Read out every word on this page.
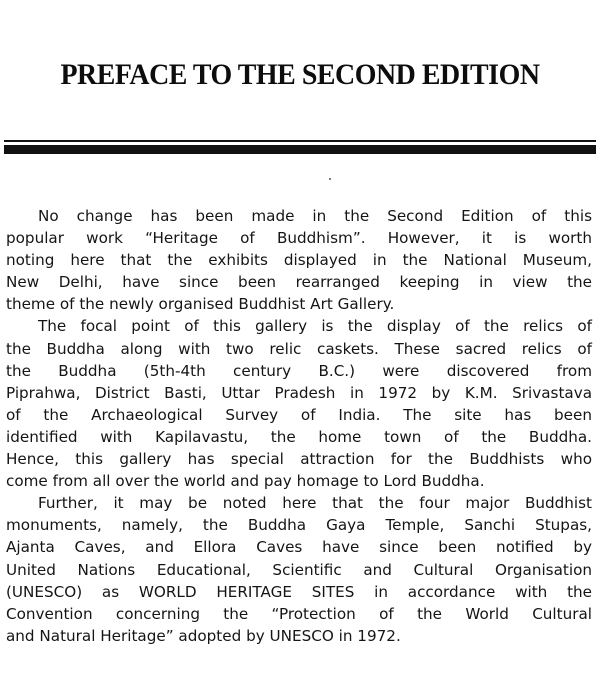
PREFACE TO THE SECOND EDITION
No change has been made in the Second Edition of this
popular work “Heritage of Buddhism”. However, it is worth
noting here that the exhibits displayed in the National Museum,
New Delhi, have since been rearranged keeping in view the
theme of the newly organised Buddhist Art Gallery.
The focal point of this gallery is the display of the relics of
the Buddha along with two relic caskets. These sacred relics of
the Buddha (5th-4th century B.C.) were discovered from
Piprahwa, District Basti, Uttar Pradesh in 1972 by K.M. Srivastava
of the Archaeological Survey of India. The site has been
identified with Kapilavastu, the home town of the Buddha.
Hence, this gallery has special attraction for the Buddhists who
come from all over the world and pay homage to Lord Buddha.
Further, it may be noted here that the four major Buddhist
monuments, namely, the Buddha Gaya Temple, Sanchi Stupas,
Ajanta Caves, and Ellora Caves have since been notified by
United Nations Educational, Scientific and Cultural Organisation
(UNESCO) as WORLD HERITAGE SITES in accordance with the
Convention concerning the “Protection of the World Cultural
and Natural Heritage” adopted by UNESCO in 1972.
